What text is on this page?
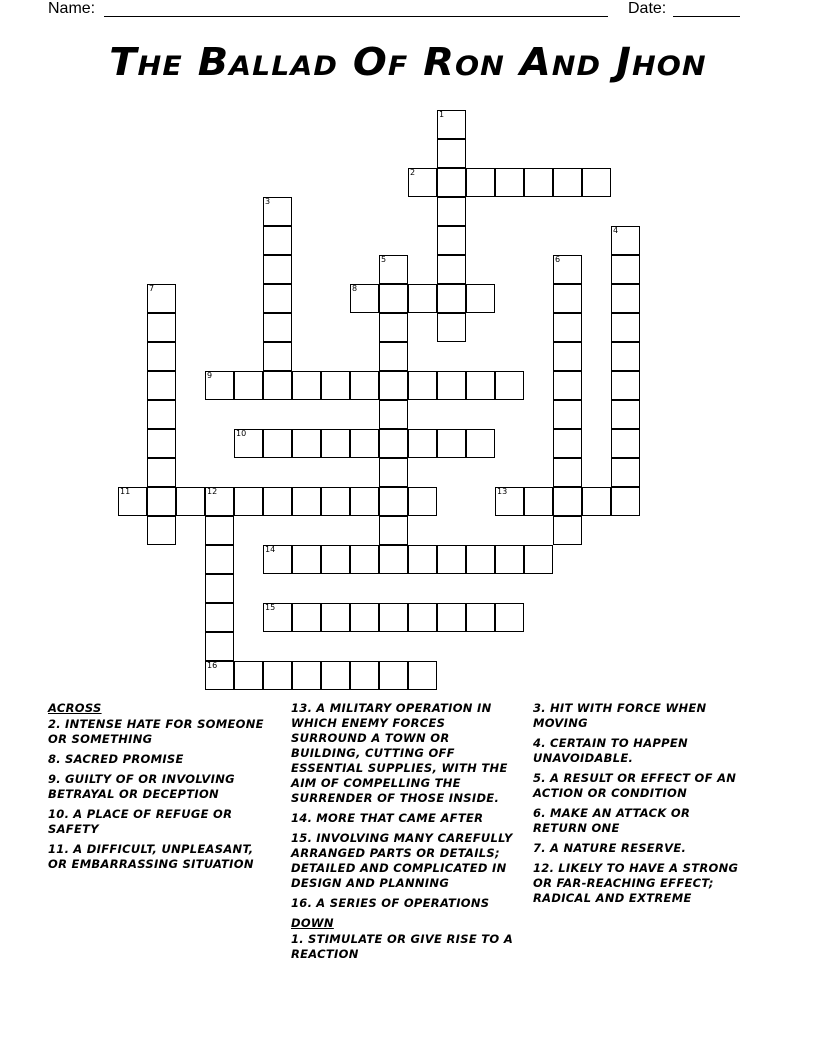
Name:	Date:
The Ballad Of Ron And Jhon
1
2
3
4
5	6
7	8
9
10
11	12
16
13
14
15
ACROSS
2. INTENSE HATE FOR SOMEONE OR SOMETHING
8. SACRED PROMISE
9. GUILTY OF OR INVOLVING BETRAYAL OR DECEPTION
10. A PLACE OF REFUGE OR SAFETY
11. A DIFFICULT, UNPLEASANT, OR EMBARRASSING SITUATION
13. A MILITARY OPERATION IN WHICH ENEMY FORCES SURROUND A TOWN OR BUILDING, CUTTING OFF ESSENTIAL SUPPLIES, WITH THE AIM OF COMPELLING THE SURRENDER OF THOSE INSIDE.
14. MORE THAT CAME AFTER
15. INVOLVING MANY CAREFULLY ARRANGED PARTS OR DETAILS; DETAILED AND COMPLICATED IN DESIGN AND PLANNING
16. A SERIES OF OPERATIONS
DOWN
1. STIMULATE OR GIVE RISE TO A REACTION
3. HIT WITH FORCE WHEN MOVING
4. CERTAIN TO HAPPEN UNAVOIDABLE.
5. A RESULT OR EFFECT OF AN ACTION OR CONDITION
6. MAKE AN ATTACK OR RETURN ONE
7. A NATURE RESERVE.
12. LIKELY TO HAVE A STRONG OR FAR-REACHING EFFECT; RADICAL AND EXTREME
